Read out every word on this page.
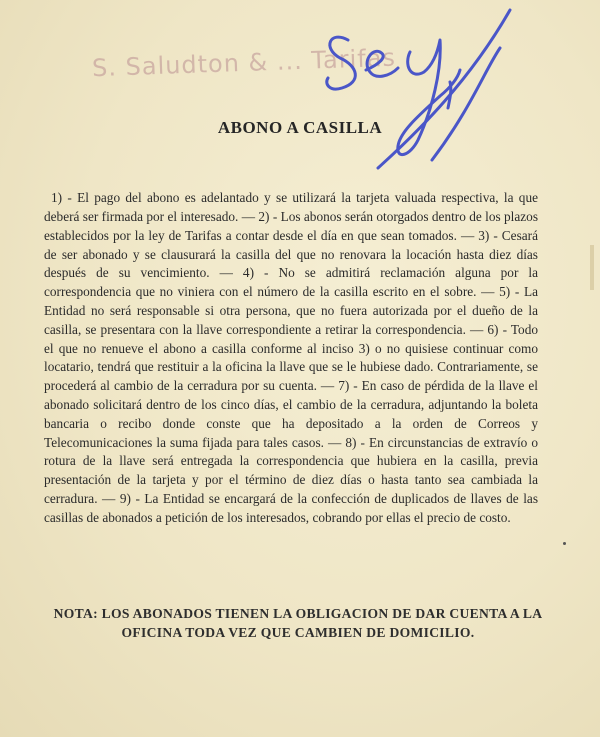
S. Saludton & ... Tarifas
ABONO A CASILLA

1) - El pago del abono es adelantado y se utilizará la tarjeta valuada respectiva, la que deberá ser firmada por el interesado. — 2) - Los abonos serán otorgados dentro de los plazos establecidos por la ley de Tarifas a contar desde el día en que sean tomados. — 3) - Cesará de ser abonado y se clausurará la casilla del que no renovara la locación hasta diez días después de su vencimiento. — 4) - No se admitirá reclamación alguna por la correspondencia que no viniera con el número de la casilla escrito en el sobre. — 5) - La Entidad no será responsable si otra persona, que no fuera autorizada por el dueño de la casilla, se presentara con la llave correspondiente a retirar la correspondencia. — 6) - Todo el que no renueve el abono a casilla conforme al inciso 3) o no quisiese continuar como locatario, tendrá que restituir a la oficina la llave que se le hubiese dado. Contrariamente, se procederá al cambio de la cerradura por su cuenta. — 7) - En caso de pérdida de la llave el abonado solicitará dentro de los cinco días, el cambio de la cerradura, adjuntando la boleta bancaria o recibo donde conste que ha depositado a la orden de Correos y Telecomunicaciones la suma fijada para tales casos. — 8) - En circunstancias de extravío o rotura de la llave será entregada la correspondencia que hubiera en la casilla, previa presentación de la tarjeta y por el término de diez días o hasta tanto sea cambiada la cerradura. — 9) - La Entidad se encargará de la confección de duplicados de llaves de las casillas de abonados a petición de los interesados, cobrando por ellas el precio de costo.

NOTA: LOS ABONADOS TIENEN LA OBLIGACION DE DAR CUENTA A LA OFICINA TODA VEZ QUE CAMBIEN DE DOMICILIO.
